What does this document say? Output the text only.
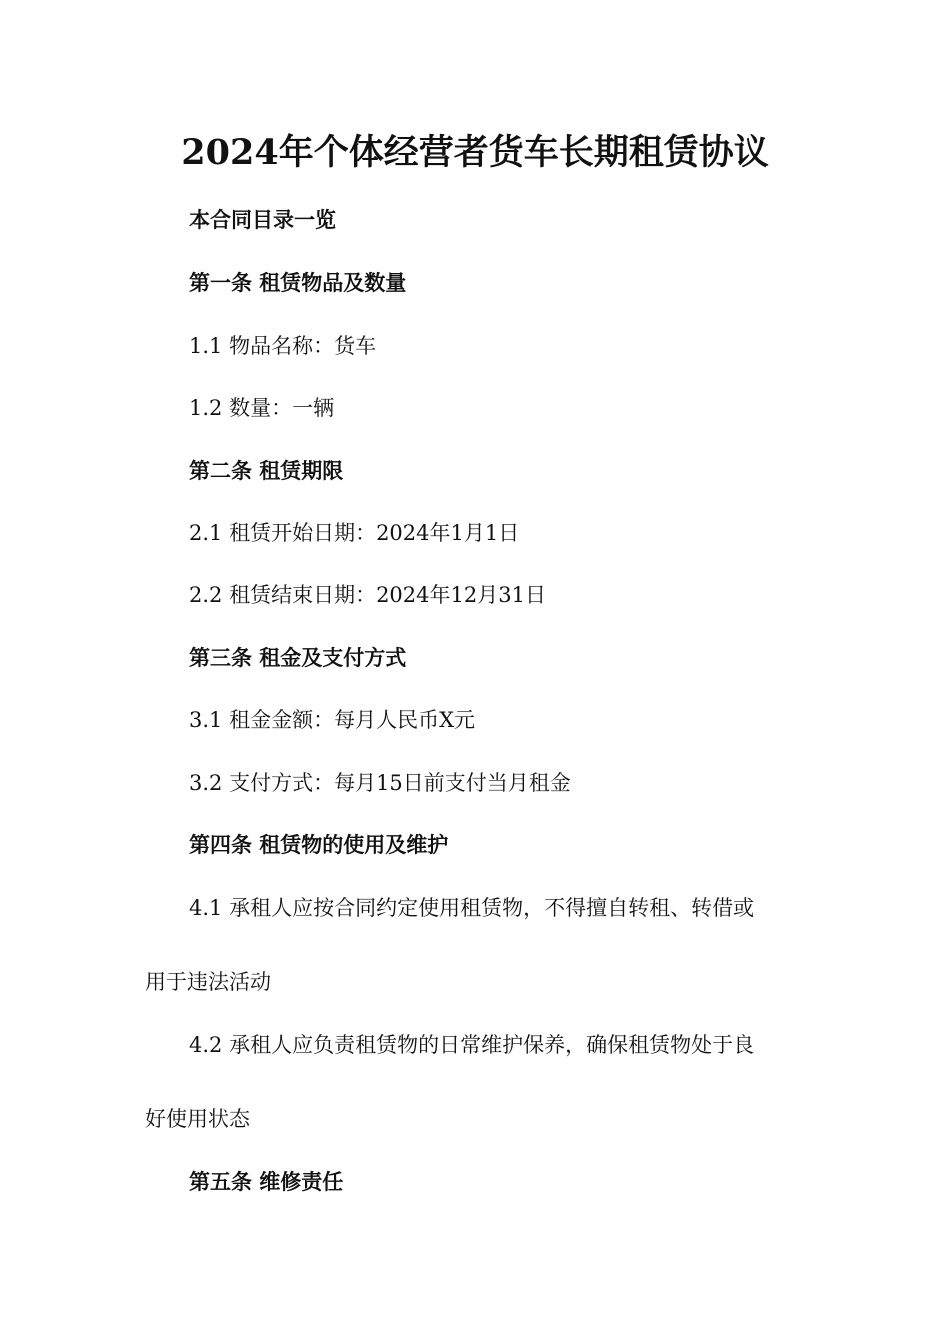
2024年个体经营者货车长期租赁协议
本合同目录一览
第一条 租赁物品及数量
1.1 物品名称：货车
1.2 数量：一辆
第二条 租赁期限
2.1 租赁开始日期：2024年1月1日
2.2 租赁结束日期：2024年12月31日
第三条 租金及支付方式
3.1 租金金额：每月人民币X元
3.2 支付方式：每月15日前支付当月租金
第四条 租赁物的使用及维护
4.1 承租人应按合同约定使用租赁物，不得擅自转租、转借或
用于违法活动
4.2 承租人应负责租赁物的日常维护保养，确保租赁物处于良
好使用状态
第五条 维修责任
